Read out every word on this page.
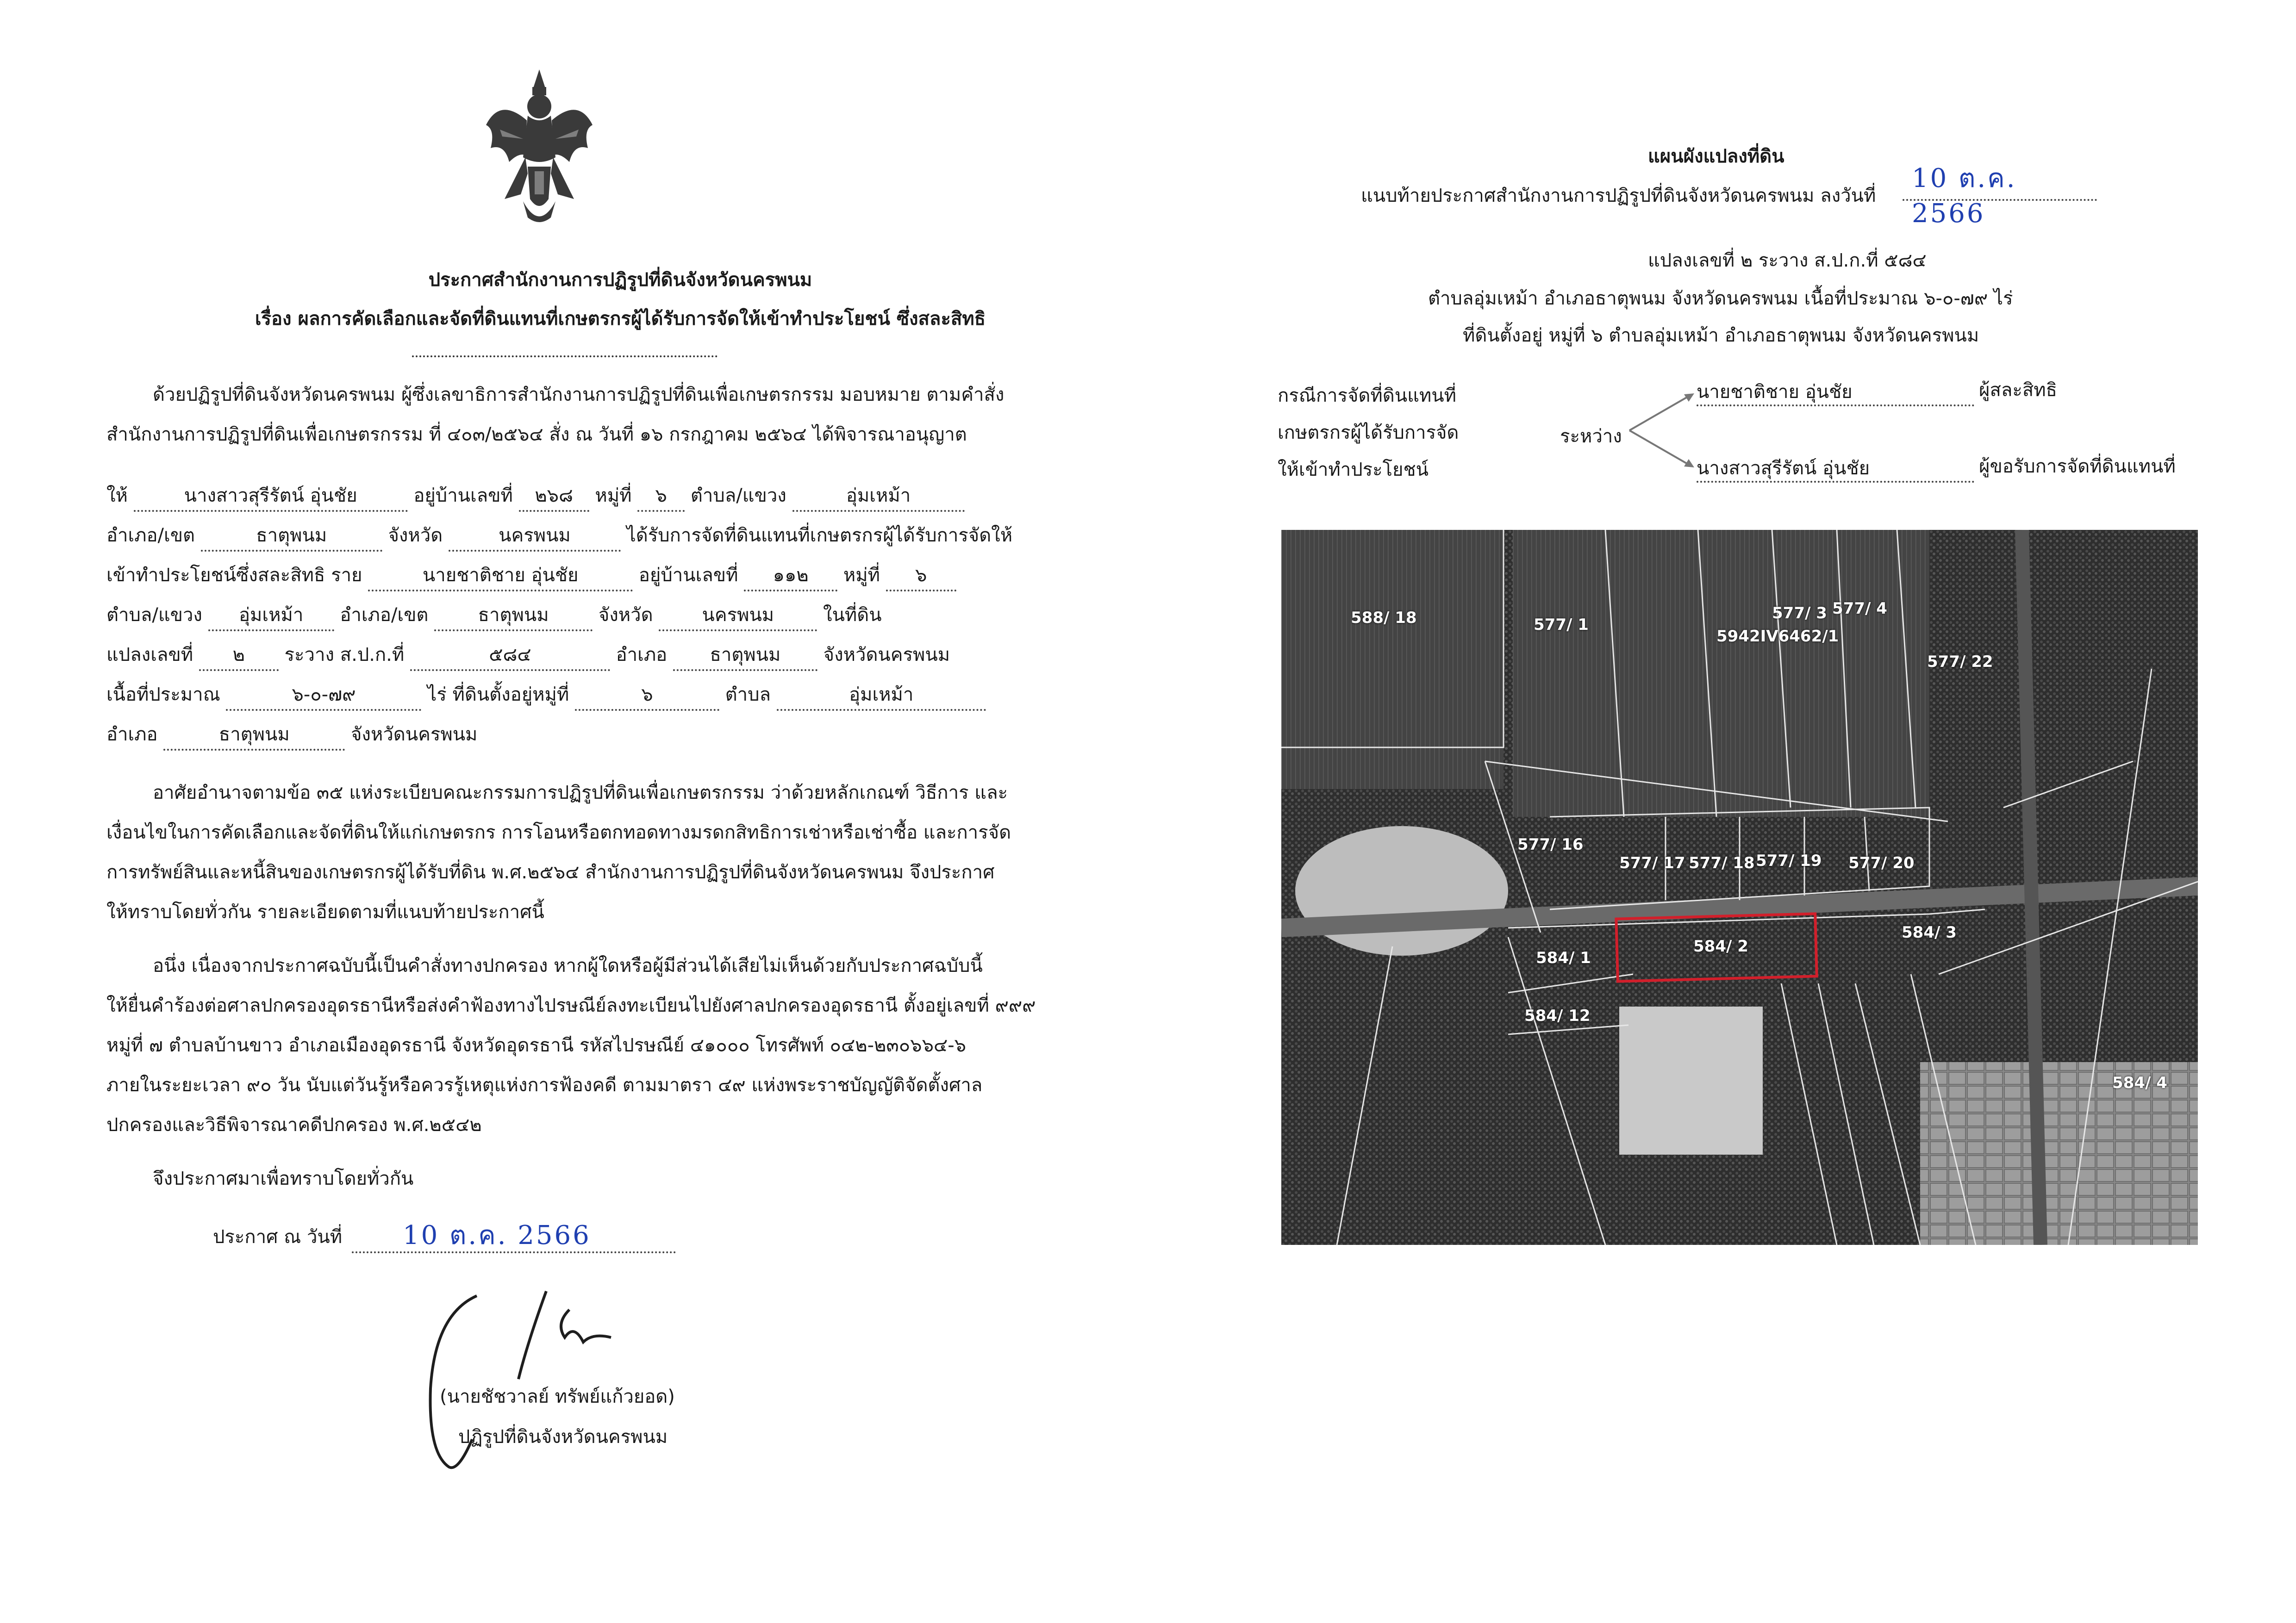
ประกาศสำนักงานการปฏิรูปที่ดินจังหวัดนครพนม
เรื่อง ผลการคัดเลือกและจัดที่ดินแทนที่เกษตรกรผู้ได้รับการจัดให้เข้าทำประโยชน์ ซึ่งสละสิทธิ
ด้วยปฏิรูปที่ดินจังหวัดนครพนม ผู้ซึ่งเลขาธิการสำนักงานการปฏิรูปที่ดินเพื่อเกษตรกรรม มอบหมาย ตามคำสั่ง
สำนักงานการปฏิรูปที่ดินเพื่อเกษตรกรรม ที่ ๔๐๓/๒๕๖๔ สั่ง ณ วันที่ ๑๖ กรกฎาคม ๒๕๖๔ ได้พิจารณาอนุญาต
ให้	นางสาวสุรีรัตน์ อุ่นชัย	อยู่บ้านเลขที่ ๒๖๘ หมู่ที่ ๖ ตำบล/แขวง	อุ่มเหม้า
อำเภอ/เขต	ธาตุพนม	จังหวัด	นครพนม	ได้รับการจัดที่ดินแทนที่เกษตรกรผู้ได้รับการจัดให้
เข้าทำประโยชน์ซึ่งสละสิทธิ ราย	นายชาติชาย อุ่นชัย	อยู่บ้านเลขที่ ๑๑๒ หมู่ที่ ๖
ตำบล/แขวง อุ่มเหม้า อำเภอ/เขต	ธาตุพนม	จังหวัด	นครพนม	ในที่ดิน
แปลงเลขที่ ๒ ระวาง ส.ป.ก.ที่	๕๘๔	อำเภอ ธาตุพนม จังหวัดนครพนม
เนื้อที่ประมาณ	๖-๐-๗๙	ไร่ ที่ดินตั้งอยู่หมู่ที่	๖	ตำบล	อุ่มเหม้า
อำเภอ	ธาตุพนม	จังหวัดนครพนม
อาศัยอำนาจตามข้อ ๓๕ แห่งระเบียบคณะกรรมการปฏิรูปที่ดินเพื่อเกษตรกรรม ว่าด้วยหลักเกณฑ์ วิธีการ และ
เงื่อนไขในการคัดเลือกและจัดที่ดินให้แก่เกษตรกร การโอนหรือตกทอดทางมรดกสิทธิการเช่าหรือเช่าซื้อ และการจัด
การทรัพย์สินและหนี้สินของเกษตรกรผู้ได้รับที่ดิน พ.ศ.๒๕๖๔ สำนักงานการปฏิรูปที่ดินจังหวัดนครพนม จึงประกาศ
ให้ทราบโดยทั่วกัน รายละเอียดตามที่แนบท้ายประกาศนี้
อนึ่ง เนื่องจากประกาศฉบับนี้เป็นคำสั่งทางปกครอง หากผู้ใดหรือผู้มีส่วนได้เสียไม่เห็นด้วยกับประกาศฉบับนี้
ให้ยื่นคำร้องต่อศาลปกครองอุดรธานีหรือส่งคำฟ้องทางไปรษณีย์ลงทะเบียนไปยังศาลปกครองอุดรธานี ตั้งอยู่เลขที่ ๙๙๙
หมู่ที่ ๗ ตำบลบ้านขาว อำเภอเมืองอุดรธานี จังหวัดอุดรธานี รหัสไปรษณีย์ ๔๑๐๐๐ โทรศัพท์ ๐๔๒-๒๓๐๖๖๔-๖
ภายในระยะเวลา ๙๐ วัน นับแต่วันรู้หรือควรรู้เหตุแห่งการฟ้องคดี ตามมาตรา ๔๙ แห่งพระราชบัญญัติจัดตั้งศาล
ปกครองและวิธีพิจารณาคดีปกครอง พ.ศ.๒๕๔๒
จึงประกาศมาเพื่อทราบโดยทั่วกัน
ประกาศ ณ วันที่ 10 ต.ค. 2566
(นายชัชวาลย์ ทรัพย์แก้วยอด)
ปฏิรูปที่ดินจังหวัดนครพนม
แผนผังแปลงที่ดิน
แนบท้ายประกาศสำนักงานการปฏิรูปที่ดินจังหวัดนครพนม ลงวันที่
10 ต.ค. 2566
แปลงเลขที่ ๒ ระวาง ส.ป.ก.ที่ ๕๘๔
ตำบลอุ่มเหม้า อำเภอธาตุพนม จังหวัดนครพนม เนื้อที่ประมาณ ๖-๐-๗๙ ไร่
ที่ดินตั้งอยู่ หมู่ที่ ๖ ตำบลอุ่มเหม้า อำเภอธาตุพนม จังหวัดนครพนม
กรณีการจัดที่ดินแทนที่
เกษตรกรผู้ได้รับการจัด
ให้เข้าทำประโยชน์
ระหว่าง
นายชาติชาย อุ่นชัย	ผู้สละสิทธิ
นางสาวสุรีรัตน์ อุ่นชัย	ผู้ขอรับการจัดที่ดินแทนที่
588/ 18	577/ 1
5942IV6462/1
577/ 3 577/ 4
577/ 22
577/ 16
577/ 17 577/ 18 577/ 19 577/ 20
584/ 1
584/ 2
584/ 3
584/ 12
584/ 4
